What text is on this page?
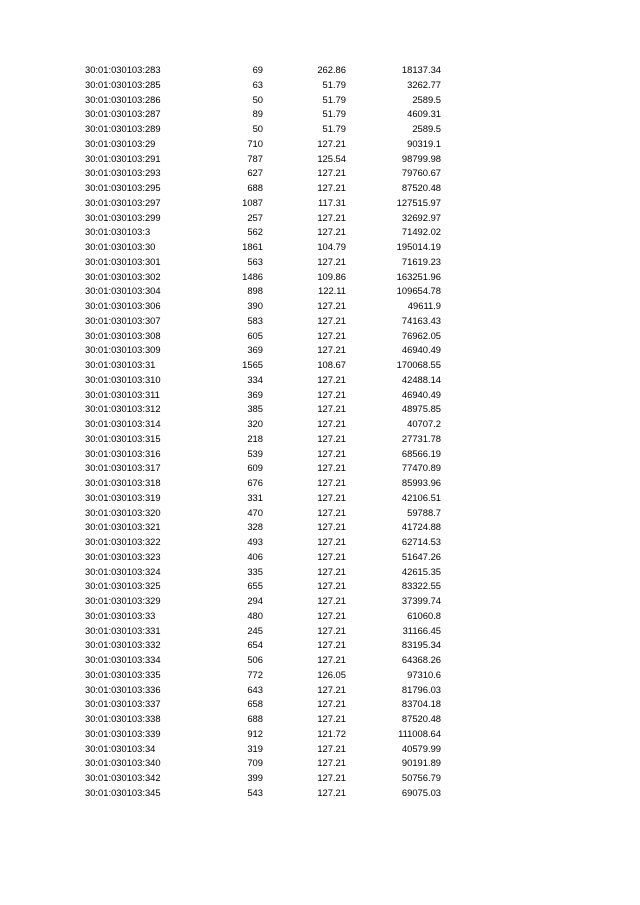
30:01:030103:283	69	262.86	18137.34
30:01:030103:285	63	51.79	3262.77
30:01:030103:286	50	51.79	2589.5
30:01:030103:287	89	51.79	4609.31
30:01:030103:289	50	51.79	2589.5
30:01:030103:29	710	127.21	90319.1
30:01:030103:291	787	125.54	98799.98
30:01:030103:293	627	127.21	79760.67
30:01:030103:295	688	127.21	87520.48
30:01:030103:297	1087	117.31	127515.97
30:01:030103:299	257	127.21	32692.97
30:01:030103:3	562	127.21	71492.02
30:01:030103:30	1861	104.79	195014.19
30:01:030103:301	563	127.21	71619.23
30:01:030103:302	1486	109.86	163251.96
30:01:030103:304	898	122.11	109654.78
30:01:030103:306	390	127.21	49611.9
30:01:030103:307	583	127.21	74163.43
30:01:030103:308	605	127.21	76962.05
30:01:030103:309	369	127.21	46940.49
30:01:030103:31	1565	108.67	170068.55
30:01:030103:310	334	127.21	42488.14
30:01:030103:311	369	127.21	46940.49
30:01:030103:312	385	127.21	48975.85
30:01:030103:314	320	127.21	40707.2
30:01:030103:315	218	127.21	27731.78
30:01:030103:316	539	127.21	68566.19
30:01:030103:317	609	127.21	77470.89
30:01:030103:318	676	127.21	85993.96
30:01:030103:319	331	127.21	42106.51
30:01:030103:320	470	127.21	59788.7
30:01:030103:321	328	127.21	41724.88
30:01:030103:322	493	127.21	62714.53
30:01:030103:323	406	127.21	51647.26
30:01:030103:324	335	127.21	42615.35
30:01:030103:325	655	127.21	83322.55
30:01:030103:329	294	127.21	37399.74
30:01:030103:33	480	127.21	61060.8
30:01:030103:331	245	127.21	31166.45
30:01:030103:332	654	127.21	83195.34
30:01:030103:334	506	127.21	64368.26
30:01:030103:335	772	126.05	97310.6
30:01:030103:336	643	127.21	81796.03
30:01:030103:337	658	127.21	83704.18
30:01:030103:338	688	127.21	87520.48
30:01:030103:339	912	121.72	111008.64
30:01:030103:34	319	127.21	40579.99
30:01:030103:340	709	127.21	90191.89
30:01:030103:342	399	127.21	50756.79
30:01:030103:345	543	127.21	69075.03
